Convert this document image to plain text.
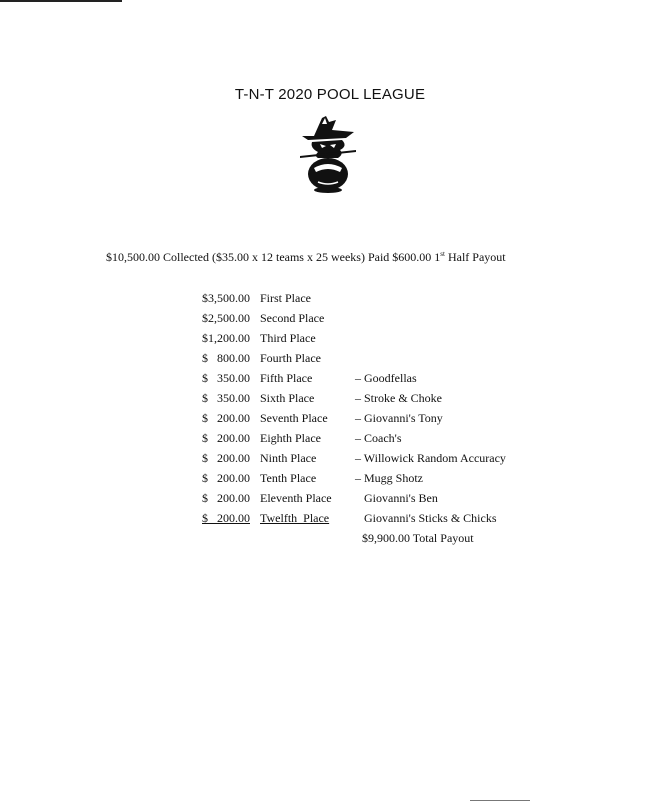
T-N-T 2020 POOL LEAGUE
$10,500.00 Collected ($35.00 x 12 teams x 25 weeks) Paid $600.00 1st Half Payout
$3,500.00 First Place
$2,500.00 Second Place
$1,200.00 Third Place
$   800.00 Fourth Place
$   350.00 Fifth Place	– Goodfellas
$   350.00 Sixth Place	– Stroke & Choke
$   200.00 Seventh Place – Giovanni's Tony
$   200.00 Eighth Place	– Coach's
$   200.00 Ninth Place	– Willowick Random Accuracy
$   200.00 Tenth Place	– Mugg Shotz
$   200.00 Eleventh Place Giovanni's Ben
$   200.00 Twelfth  Place Giovanni's Sticks & Chicks
$9,900.00 Total Payout
